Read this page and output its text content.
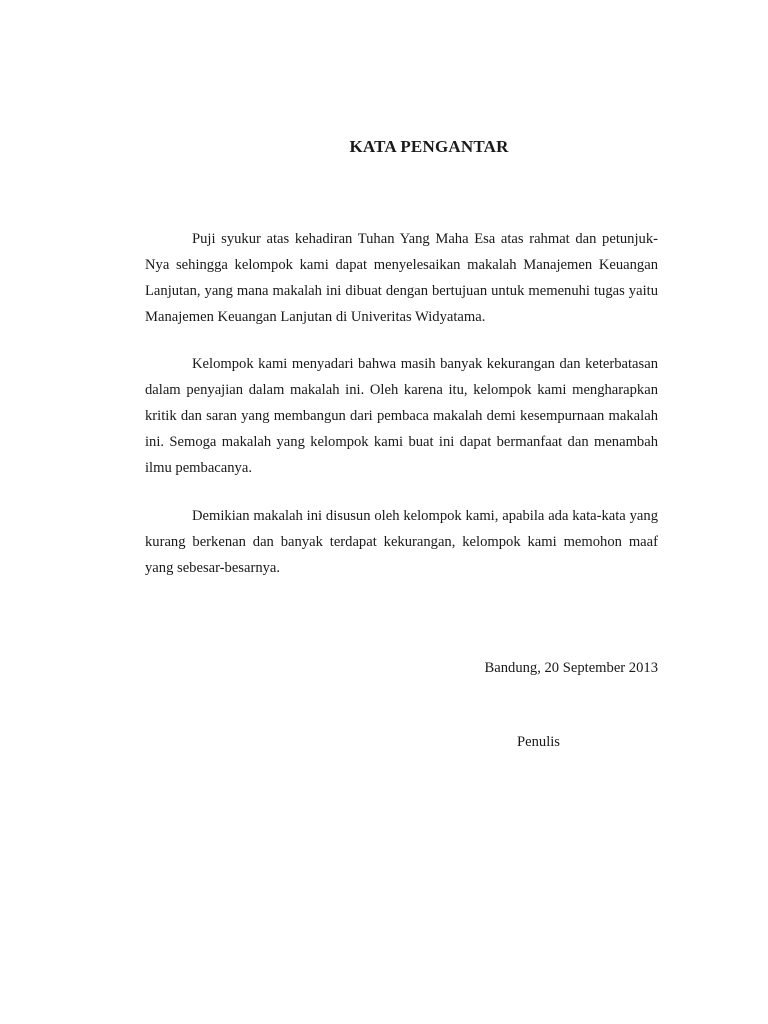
KATA PENGANTAR
Puji syukur atas kehadiran Tuhan Yang Maha Esa atas rahmat dan petunjuk-Nya sehingga kelompok kami dapat menyelesaikan makalah Manajemen Keuangan Lanjutan, yang mana makalah ini dibuat dengan bertujuan untuk memenuhi tugas yaitu Manajemen Keuangan Lanjutan di Univeritas Widyatama.
Kelompok kami menyadari bahwa masih banyak kekurangan dan keterbatasan dalam penyajian dalam makalah ini. Oleh karena itu, kelompok kami mengharapkan kritik dan saran yang membangun dari pembaca makalah demi kesempurnaan makalah ini. Semoga makalah yang kelompok kami buat ini dapat bermanfaat dan menambah ilmu pembacanya.
Demikian makalah ini disusun oleh kelompok kami, apabila ada kata-kata yang kurang berkenan dan banyak terdapat kekurangan, kelompok kami memohon maaf yang sebesar-besarnya.
Bandung, 20 September 2013
Penulis
